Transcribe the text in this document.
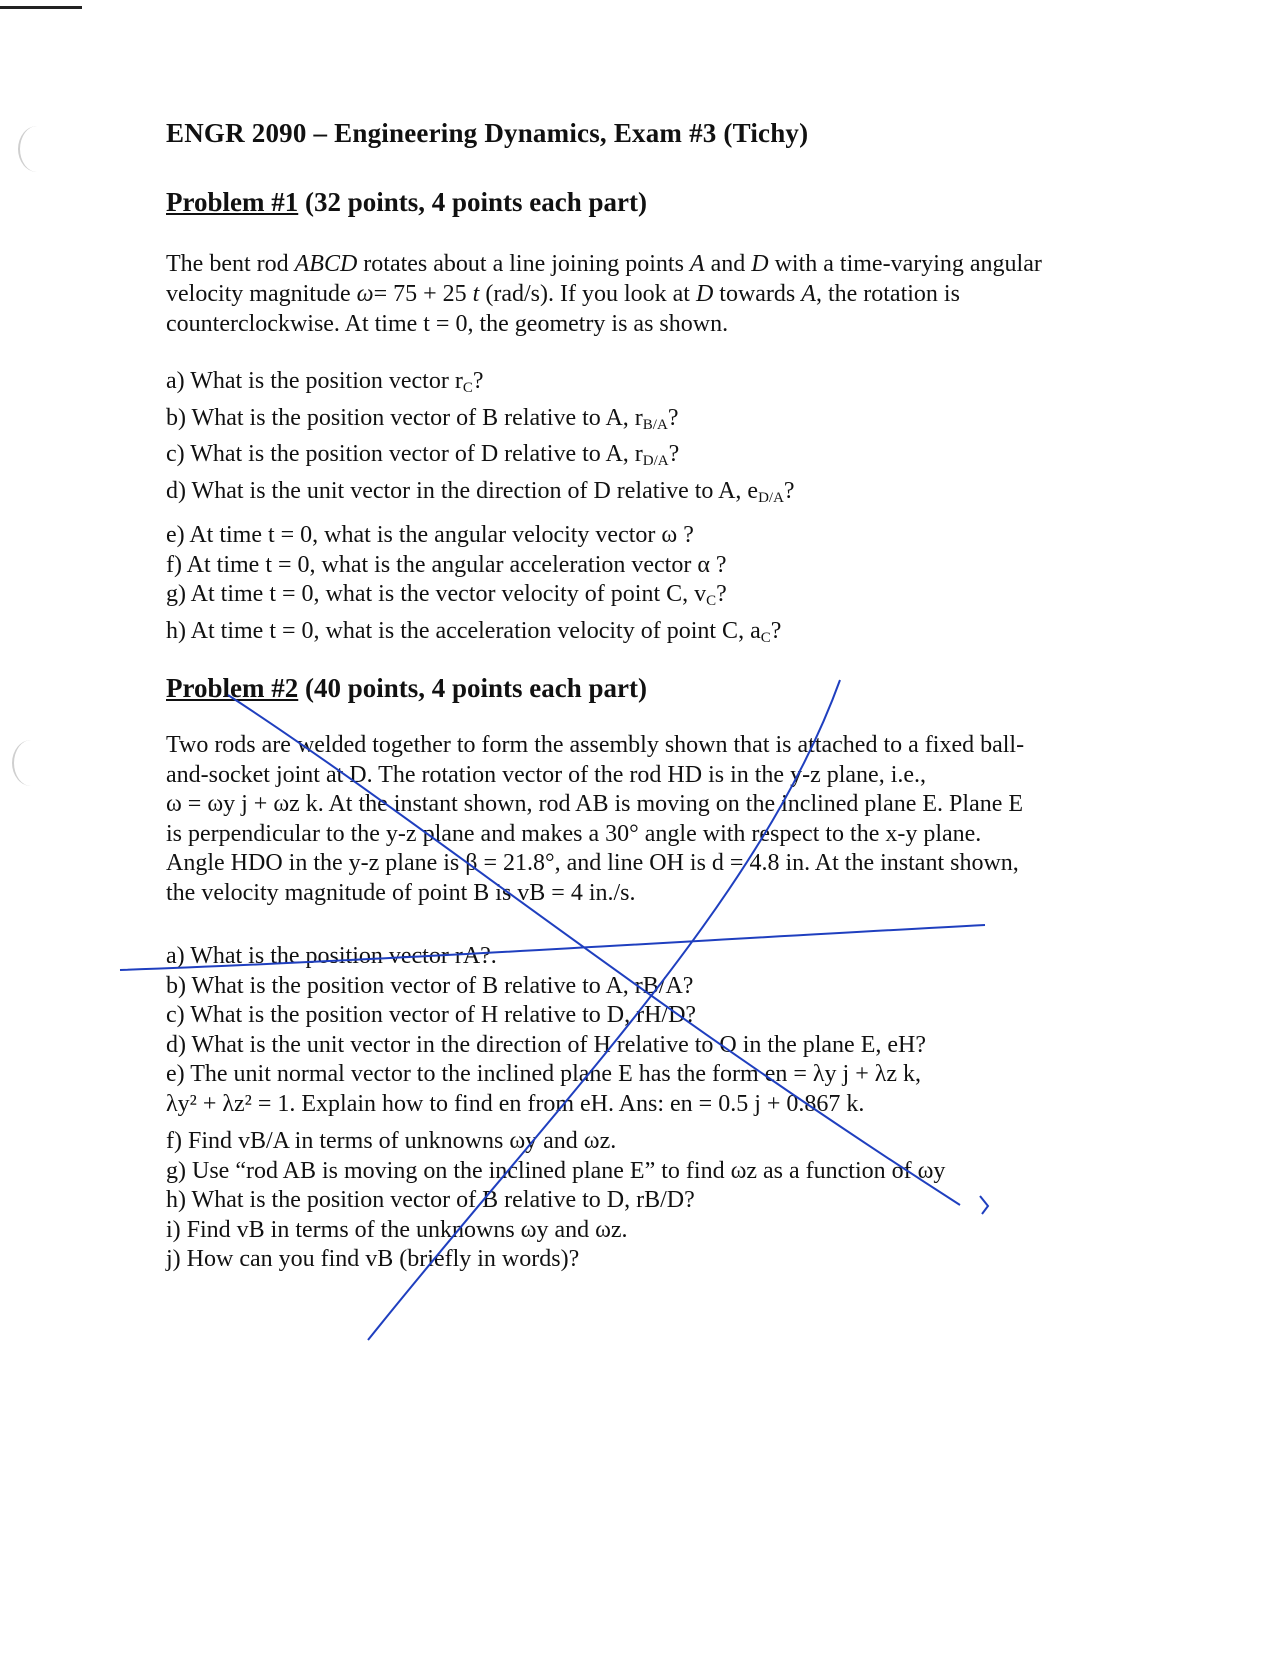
ENGR 2090 – Engineering Dynamics, Exam #3 (Tichy)
Problem #1 (32 points, 4 points each part)
The bent rod ABCD rotates about a line joining points A and D with a time-varying angular velocity magnitude ω= 75 + 25 t (rad/s). If you look at D towards A, the rotation is counterclockwise. At time t = 0, the geometry is as shown.
a) What is the position vector $r_C$?
b) What is the position vector of B relative to A, $r_{B/A}$?
c) What is the position vector of D relative to A, $r_{D/A}$?
d) What is the unit vector in the direction of D relative to A, $e_{D/A}$?
e) At time t = 0, what is the angular velocity vector ω ?
f) At time t = 0, what is the angular acceleration vector α ?
g) At time t = 0, what is the vector velocity of point C, $v_C$?
h) At time t = 0, what is the acceleration velocity of point C, $a_C$?
Problem #2 (40 points, 4 points each part)
Two rods are welded together to form the assembly shown that is attached to a fixed ball-
and-socket joint at D. The rotation vector of the rod HD is in the y-z plane, i.e.,
ω = ωy j + ωz k. At the instant shown, rod AB is moving on the inclined plane E. Plane E
is perpendicular to the y-z plane and makes a 30° angle with respect to the x-y plane.
Angle HDO in the y-z plane is β = 21.8°, and line OH is d = 4.8 in. At the instant shown,
the velocity magnitude of point B is vB = 4 in./s.
a) What is the position vector rA?.
b) What is the position vector of B relative to A, rB/A?
c) What is the position vector of H relative to D, rH/D?
d) What is the unit vector in the direction of H relative to O in the plane E, eH?
e) The unit normal vector to the inclined plane E has the form en = λy j + λz k,
λy² + λz² = 1. Explain how to find en from eH. Ans: en = 0.5 j + 0.867 k.
f) Find vB/A in terms of unknowns ωy and ωz.
g) Use “rod AB is moving on the inclined plane E” to find ωz as a function of ωy
h) What is the position vector of B relative to D, rB/D?
i) Find vB in terms of the unknowns ωy and ωz.
j) How can you find vB (briefly in words)?
